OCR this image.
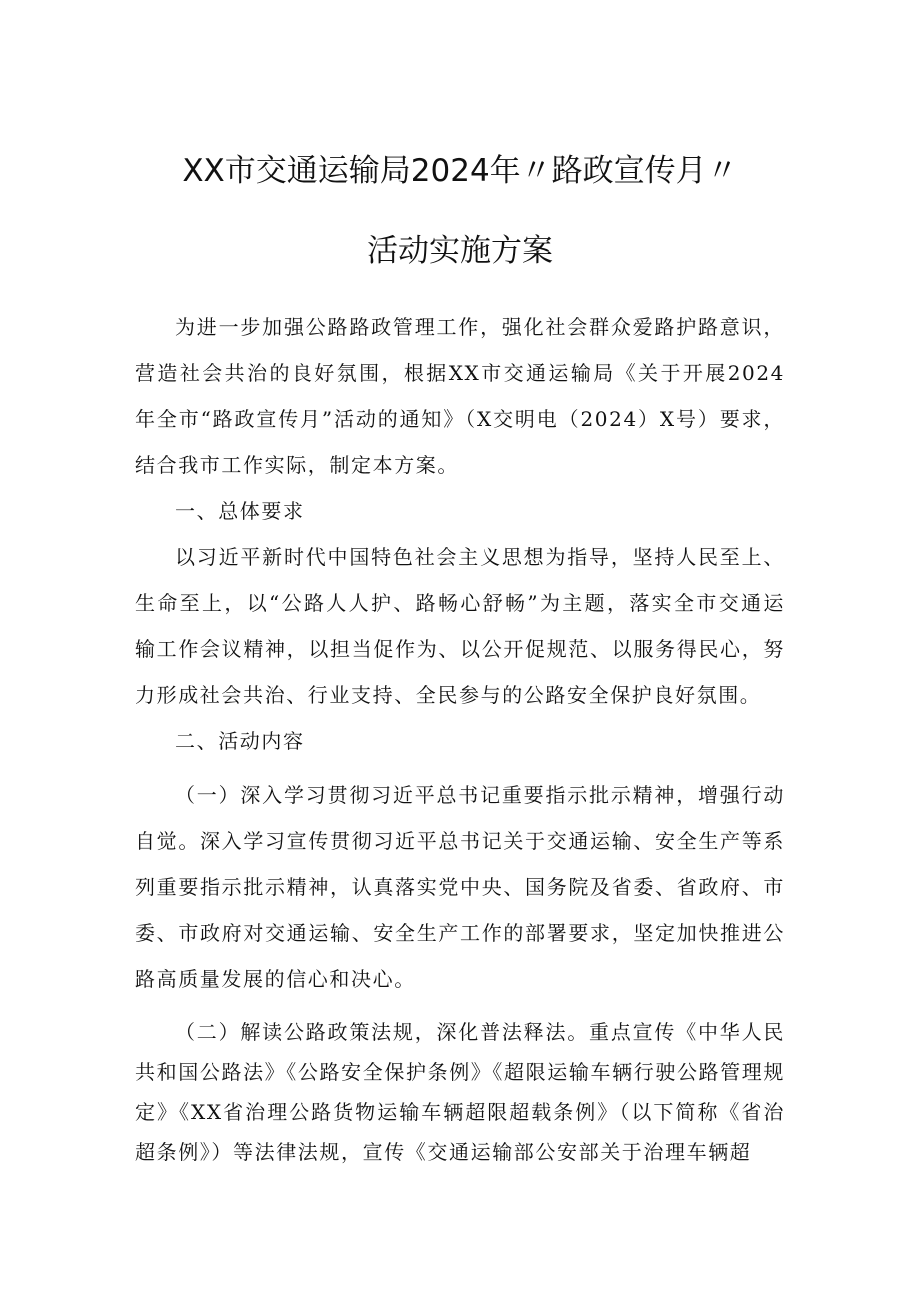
XX市交通运输局2024年〃路政宣传月〃
活动实施方案

为进一步加强公路路政管理工作，强化社会群众爱路护路意识，营造社会共治的良好氛围，根据XX市交通运输局《关于开展2024年全市“路政宣传月”活动的通知》（X交明电（2024）X号）要求，结合我市工作实际，制定本方案。

一、总体要求

以习近平新时代中国特色社会主义思想为指导，坚持人民至上、生命至上，以“公路人人护、路畅心舒畅”为主题，落实全市交通运输工作会议精神，以担当促作为、以公开促规范、以服务得民心，努力形成社会共治、行业支持、全民参与的公路安全保护良好氛围。

二、活动内容

（一）深入学习贯彻习近平总书记重要指示批示精神，增强行动自觉。深入学习宣传贯彻习近平总书记关于交通运输、安全生产等系列重要指示批示精神，认真落实党中央、国务院及省委、省政府、市委、市政府对交通运输、安全生产工作的部署要求，坚定加快推进公路高质量发展的信心和决心。

（二）解读公路政策法规，深化普法释法。重点宣传《中华人民共和国公路法》《公路安全保护条例》《超限运输车辆行驶公路管理规定》《XX省治理公路货物运输车辆超限超载条例》（以下简称《省治超条例》）等法律法规，宣传《交通运输部公安部关于治理车辆超
